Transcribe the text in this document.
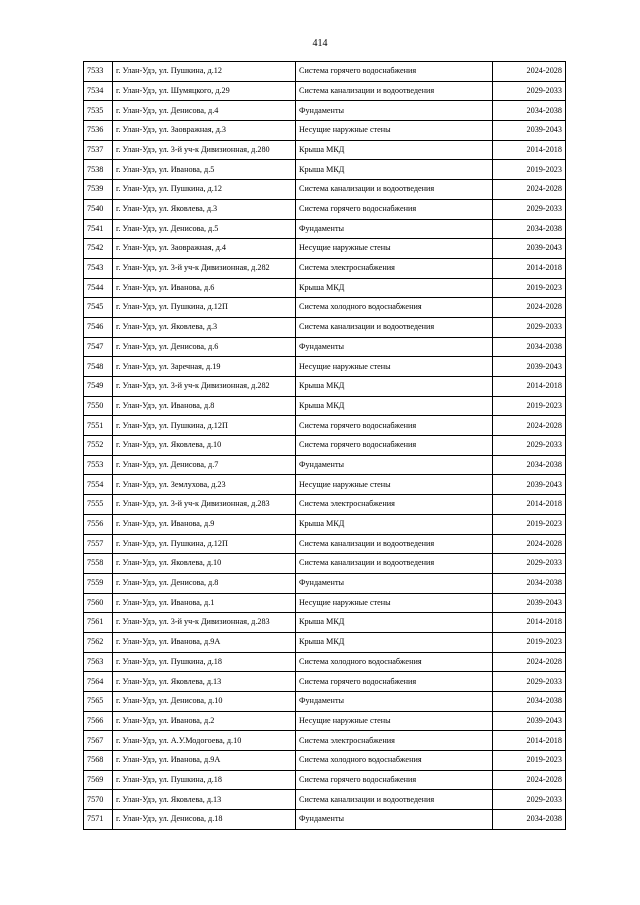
414
7533	г. Улан-Удэ, ул. Пушкина, д.12	Система горячего водоснабжения	2024-2028
7534	г. Улан-Удэ, ул. Шумяцкого, д.29	Система канализации и водоотведения	2029-2033
7535	г. Улан-Удэ, ул. Денисова, д.4	Фундаменты	2034-2038
7536	г. Улан-Удэ, ул. Заовражная, д.3	Несущие наружные стены	2039-2043
7537	г. Улан-Удэ, ул. 3-й уч-к Дивизионная, д.280	Крыша МКД	2014-2018
7538	г. Улан-Удэ, ул. Иванова, д.5	Крыша МКД	2019-2023
7539	г. Улан-Удэ, ул. Пушкина, д.12	Система канализации и водоотведения	2024-2028
7540	г. Улан-Удэ, ул. Яковлева, д.3	Система горячего водоснабжения	2029-2033
7541	г. Улан-Удэ, ул. Денисова, д.5	Фундаменты	2034-2038
7542	г. Улан-Удэ, ул. Заовражная, д.4	Несущие наружные стены	2039-2043
7543	г. Улан-Удэ, ул. 3-й уч-к Дивизионная, д.282	Система электроснабжения	2014-2018
7544	г. Улан-Удэ, ул. Иванова, д.6	Крыша МКД	2019-2023
7545	г. Улан-Удэ, ул. Пушкина, д.12П	Система холодного водоснабжения	2024-2028
7546	г. Улан-Удэ, ул. Яковлева, д.3	Система канализации и водоотведения	2029-2033
7547	г. Улан-Удэ, ул. Денисова, д.6	Фундаменты	2034-2038
7548	г. Улан-Удэ, ул. Заречная, д.19	Несущие наружные стены	2039-2043
7549	г. Улан-Удэ, ул. 3-й уч-к Дивизионная, д.282	Крыша МКД	2014-2018
7550	г. Улан-Удэ, ул. Иванова, д.8	Крыша МКД	2019-2023
7551	г. Улан-Удэ, ул. Пушкина, д.12П	Система горячего водоснабжения	2024-2028
7552	г. Улан-Удэ, ул. Яковлева, д.10	Система горячего водоснабжения	2029-2033
7553	г. Улан-Удэ, ул. Денисова, д.7	Фундаменты	2034-2038
7554	г. Улан-Удэ, ул. Землухова, д.23	Несущие наружные стены	2039-2043
7555	г. Улан-Удэ, ул. 3-й уч-к Дивизионная, д.283	Система электроснабжения	2014-2018
7556	г. Улан-Удэ, ул. Иванова, д.9	Крыша МКД	2019-2023
7557	г. Улан-Удэ, ул. Пушкина, д.12П	Система канализации и водоотведения	2024-2028
7558	г. Улан-Удэ, ул. Яковлева, д.10	Система канализации и водоотведения	2029-2033
7559	г. Улан-Удэ, ул. Денисова, д.8	Фундаменты	2034-2038
7560	г. Улан-Удэ, ул. Иванова, д.1	Несущие наружные стены	2039-2043
7561	г. Улан-Удэ, ул. 3-й уч-к Дивизионная, д.283	Крыша МКД	2014-2018
7562	г. Улан-Удэ, ул. Иванова, д.9А	Крыша МКД	2019-2023
7563	г. Улан-Удэ, ул. Пушкина, д.18	Система холодного водоснабжения	2024-2028
7564	г. Улан-Удэ, ул. Яковлева, д.13	Система горячего водоснабжения	2029-2033
7565	г. Улан-Удэ, ул. Денисова, д.10	Фундаменты	2034-2038
7566	г. Улан-Удэ, ул. Иванова, д.2	Несущие наружные стены	2039-2043
7567	г. Улан-Удэ, ул. А.У.Модогоева, д.10	Система электроснабжения	2014-2018
7568	г. Улан-Удэ, ул. Иванова, д.9А	Система холодного водоснабжения	2019-2023
7569	г. Улан-Удэ, ул. Пушкина, д.18	Система горячего водоснабжения	2024-2028
7570	г. Улан-Удэ, ул. Яковлева, д.13	Система канализации и водоотведения	2029-2033
7571	г. Улан-Удэ, ул. Денисова, д.18	Фундаменты	2034-2038
